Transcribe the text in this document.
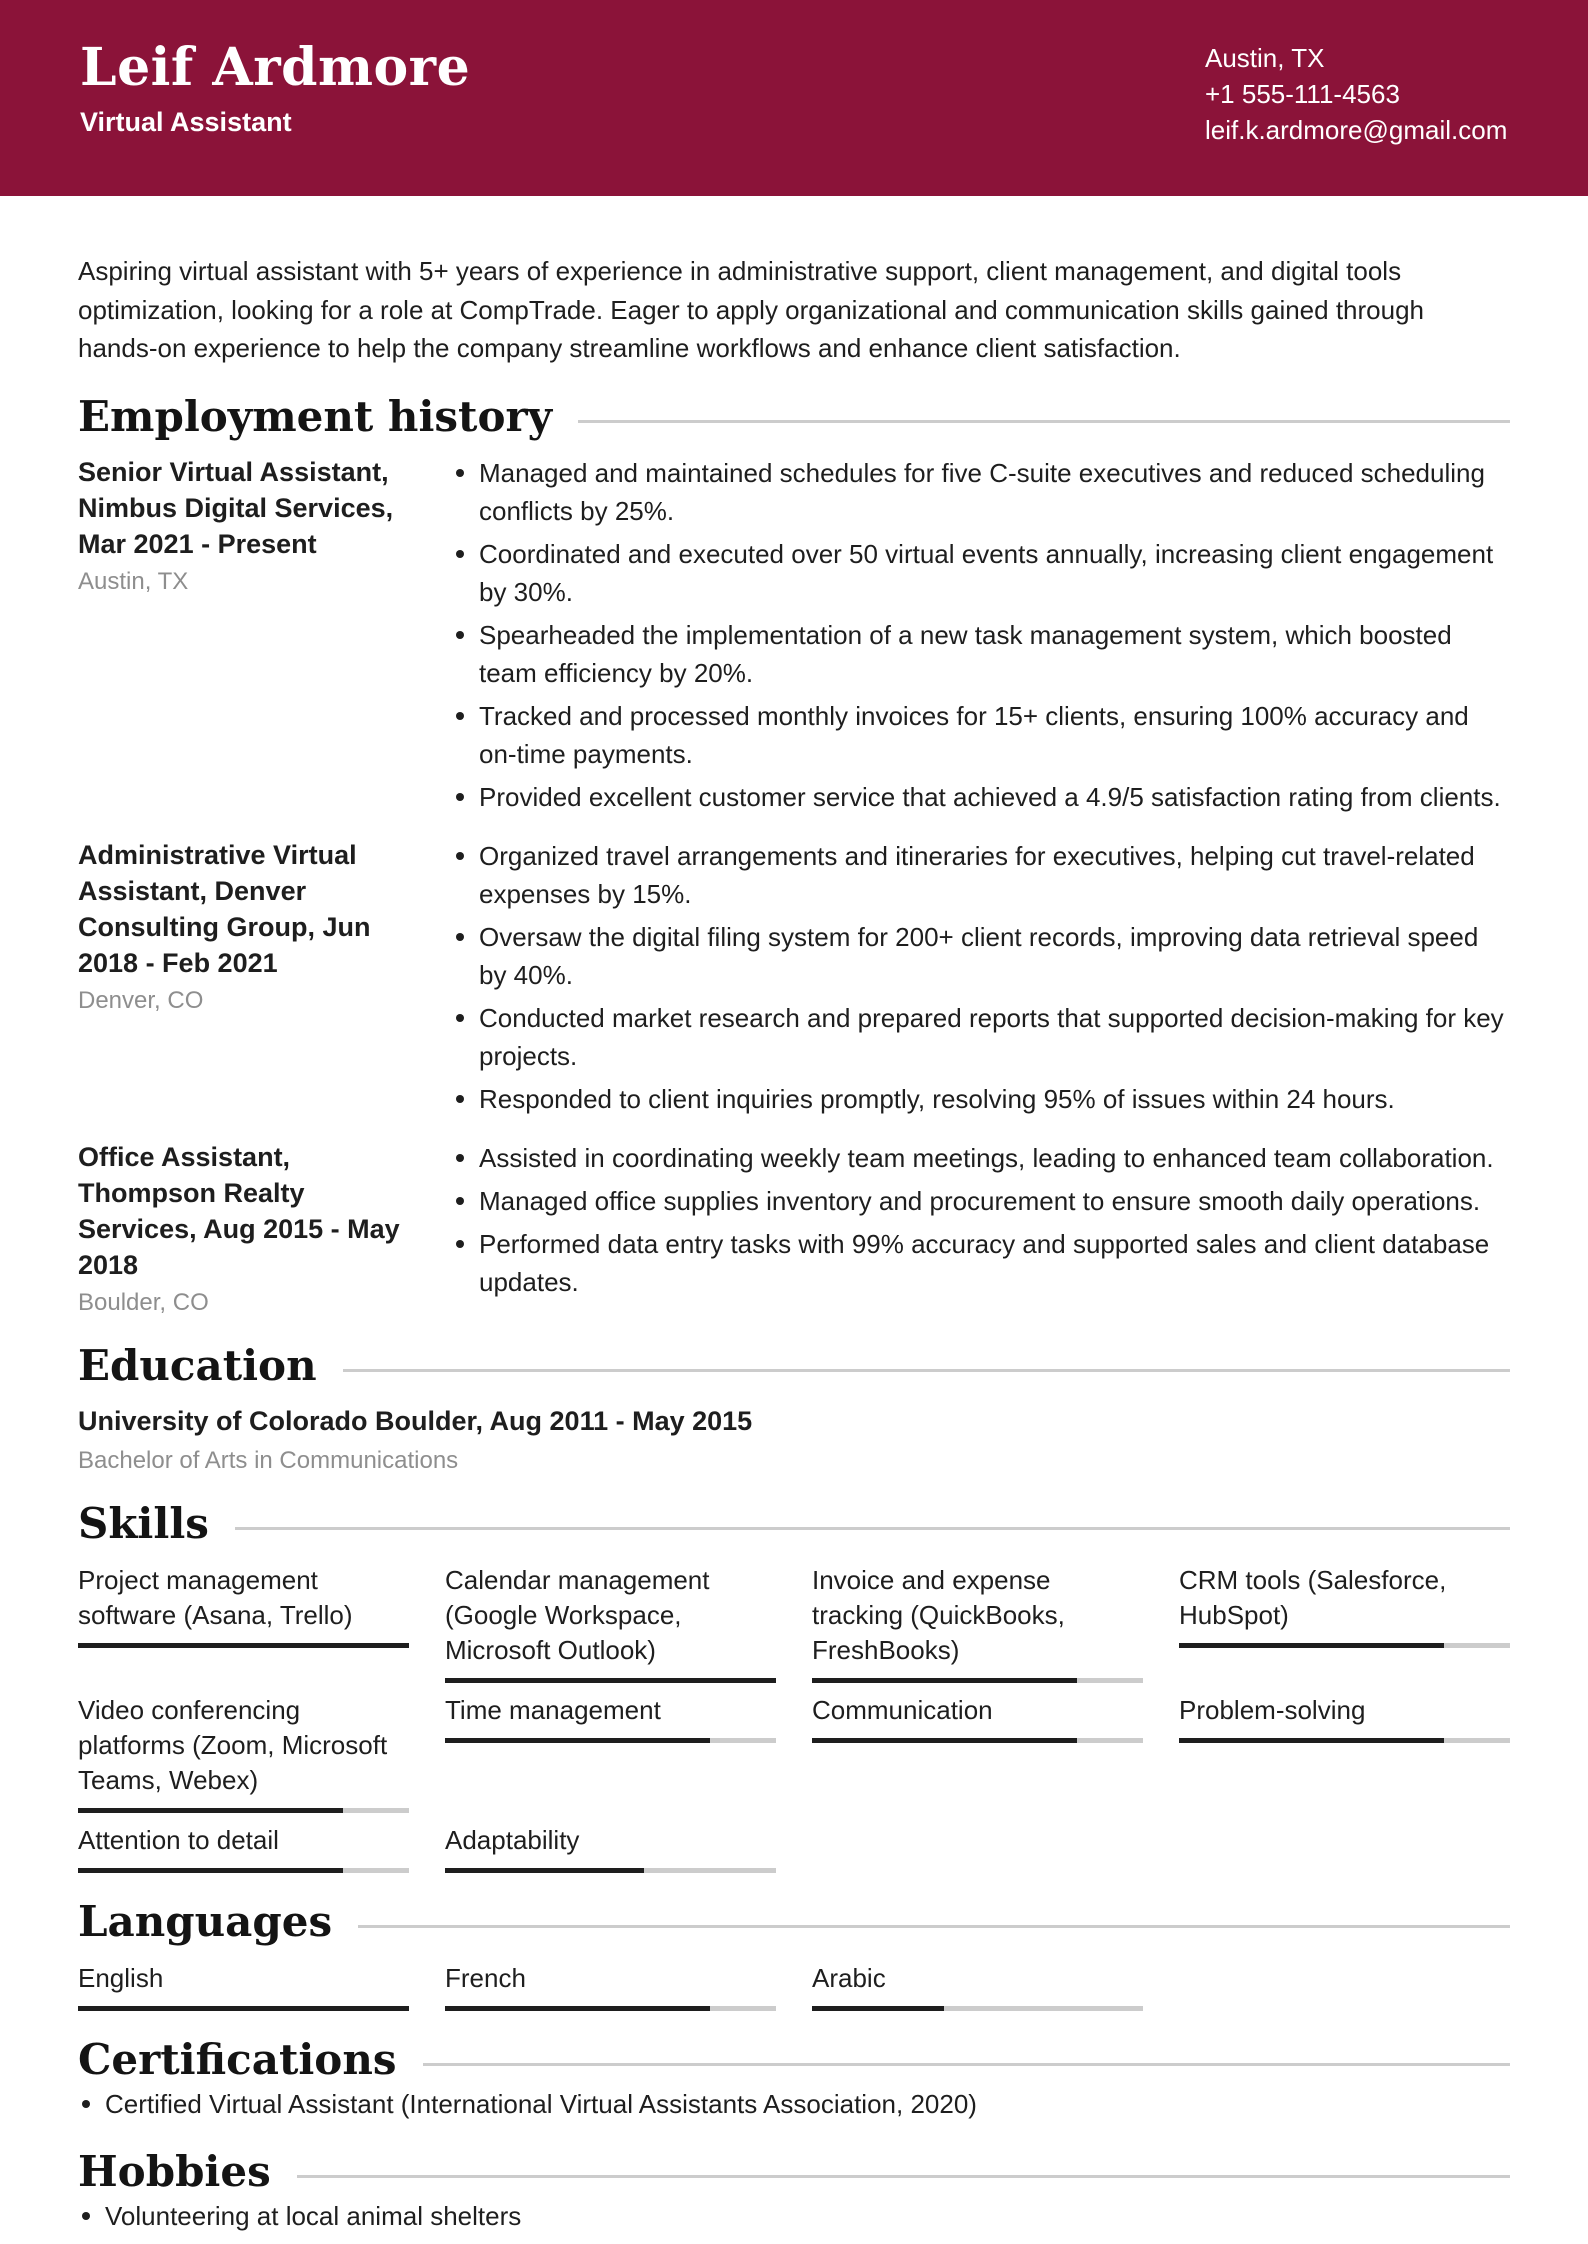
Leif Ardmore
Virtual Assistant
Austin, TX
+1 555-111-4563
leif.k.ardmore@gmail.com
Aspiring virtual assistant with 5+ years of experience in administrative support, client management, and digital tools optimization, looking for a role at CompTrade. Eager to apply organizational and communication skills gained through hands-on experience to help the company streamline workflows and enhance client satisfaction.
Employment history
Senior Virtual Assistant, Nimbus Digital Services, Mar 2021 - Present
Austin, TX
Managed and maintained schedules for five C-suite executives and reduced scheduling conflicts by 25%.
Coordinated and executed over 50 virtual events annually, increasing client engagement by 30%.
Spearheaded the implementation of a new task management system, which boosted team efficiency by 20%.
Tracked and processed monthly invoices for 15+ clients, ensuring 100% accuracy and on-time payments.
Provided excellent customer service that achieved a 4.9/5 satisfaction rating from clients.
Administrative Virtual Assistant, Denver Consulting Group, Jun 2018 - Feb 2021
Denver, CO
Organized travel arrangements and itineraries for executives, helping cut travel-related expenses by 15%.
Oversaw the digital filing system for 200+ client records, improving data retrieval speed by 40%.
Conducted market research and prepared reports that supported decision-making for key projects.
Responded to client inquiries promptly, resolving 95% of issues within 24 hours.
Office Assistant, Thompson Realty Services, Aug 2015 - May 2018
Boulder, CO
Assisted in coordinating weekly team meetings, leading to enhanced team collaboration.
Managed office supplies inventory and procurement to ensure smooth daily operations.
Performed data entry tasks with 99% accuracy and supported sales and client database updates.
Education
University of Colorado Boulder, Aug 2011 - May 2015
Bachelor of Arts in Communications
Skills
Project management software (Asana, Trello)
Calendar management (Google Workspace, Microsoft Outlook)
Invoice and expense tracking (QuickBooks, FreshBooks)
CRM tools (Salesforce, HubSpot)
Video conferencing platforms (Zoom, Microsoft Teams, Webex)
Time management	Communication	Problem-solving
Attention to detail	Adaptability
Languages
English	French	Arabic
Certifications
Certified Virtual Assistant (International Virtual Assistants Association, 2020)
Hobbies
Volunteering at local animal shelters
